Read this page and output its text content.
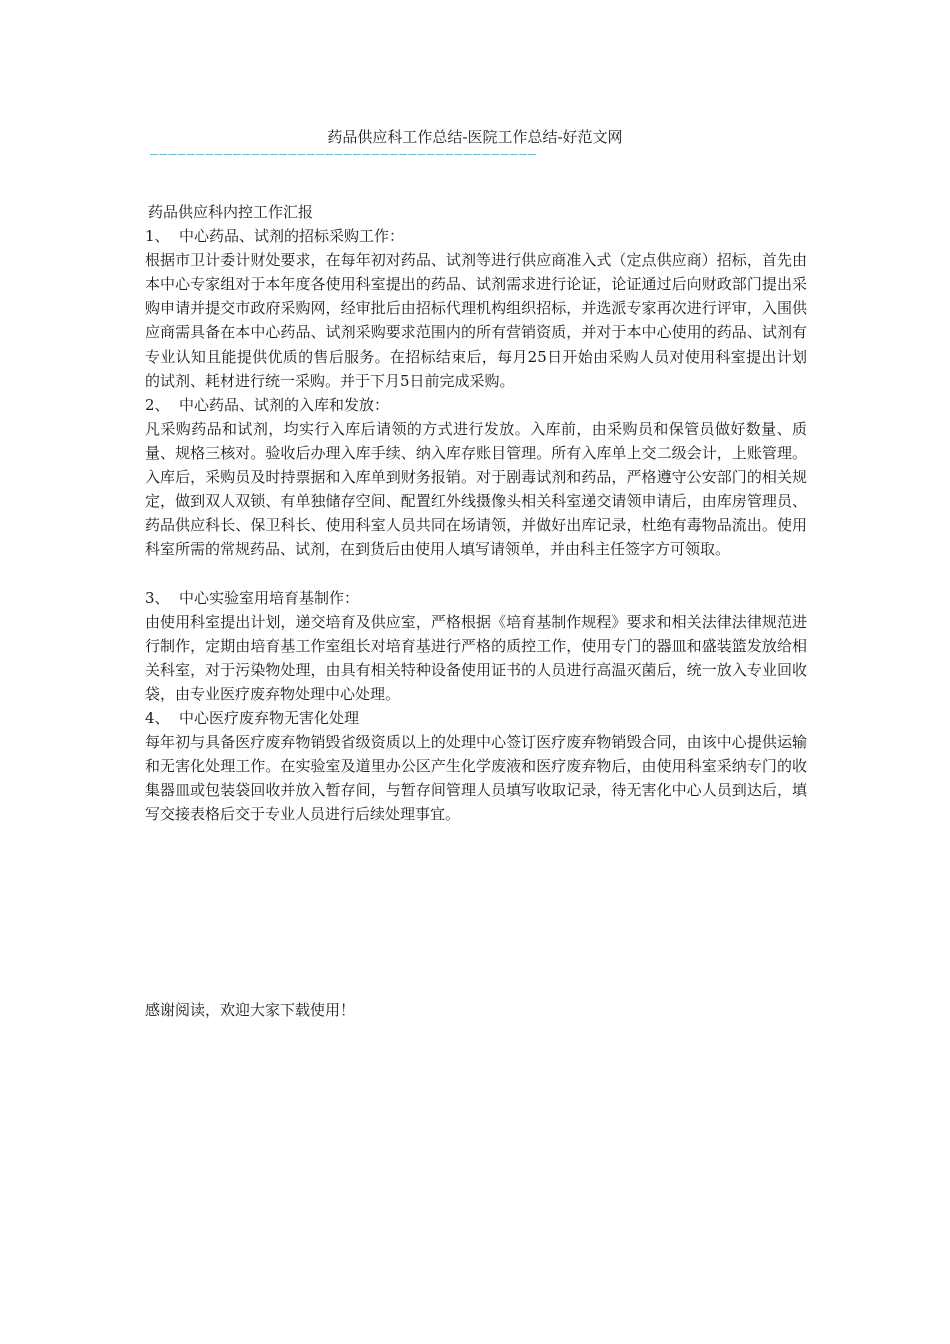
药品供应科工作总结-医院工作总结-好范文网
——————————————————————————————————————————

药品供应科内控工作汇报

1、 中心药品、试剂的招标采购工作：

根据市卫计委计财处要求，在每年初对药品、试剂等进行供应商准入式（定点供应商）招标，首先由本中心专家组对于本年度各使用科室提出的药品、试剂需求进行论证，论证通过后向财政部门提出采购申请并提交市政府采购网，经审批后由招标代理机构组织招标，并选派专家再次进行评审，入围供应商需具备在本中心药品、试剂采购要求范围内的所有营销资质，并对于本中心使用的药品、试剂有专业认知且能提供优质的售后服务。在招标结束后，每月25日开始由采购人员对使用科室提出计划的试剂、耗材进行统一采购。并于下月5日前完成采购。

2、 中心药品、试剂的入库和发放：

凡采购药品和试剂，均实行入库后请领的方式进行发放。入库前，由采购员和保管员做好数量、质量、规格三核对。验收后办理入库手续、纳入库存账目管理。所有入库单上交二级会计，上账管理。入库后，采购员及时持票据和入库单到财务报销。对于剧毒试剂和药品，严格遵守公安部门的相关规定，做到双人双锁、有单独储存空间、配置红外线摄像头相关科室递交请领申请后，由库房管理员、药品供应科长、保卫科长、使用科室人员共同在场请领，并做好出库记录，杜绝有毒物品流出。使用科室所需的常规药品、试剂，在到货后由使用人填写请领单，并由科主任签字方可领取。

3、 中心实验室用培育基制作：

由使用科室提出计划，递交培育及供应室，严格根据《培育基制作规程》要求和相关法律法律规范进行制作，定期由培育基工作室组长对培育基进行严格的质控工作，使用专门的器皿和盛装篮发放给相关科室，对于污染物处理，由具有相关特种设备使用证书的人员进行高温灭菌后，统一放入专业回收袋，由专业医疗废弃物处理中心处理。

4、 中心医疗废弃物无害化处理

每年初与具备医疗废弃物销毁省级资质以上的处理中心签订医疗废弃物销毁合同，由该中心提供运输和无害化处理工作。在实验室及道里办公区产生化学废液和医疗废弃物后，由使用科室采纳专门的收集器皿或包装袋回收并放入暂存间，与暂存间管理人员填写收取记录，待无害化中心人员到达后，填写交接表格后交于专业人员进行后续处理事宜。

感谢阅读，欢迎大家下载使用！
